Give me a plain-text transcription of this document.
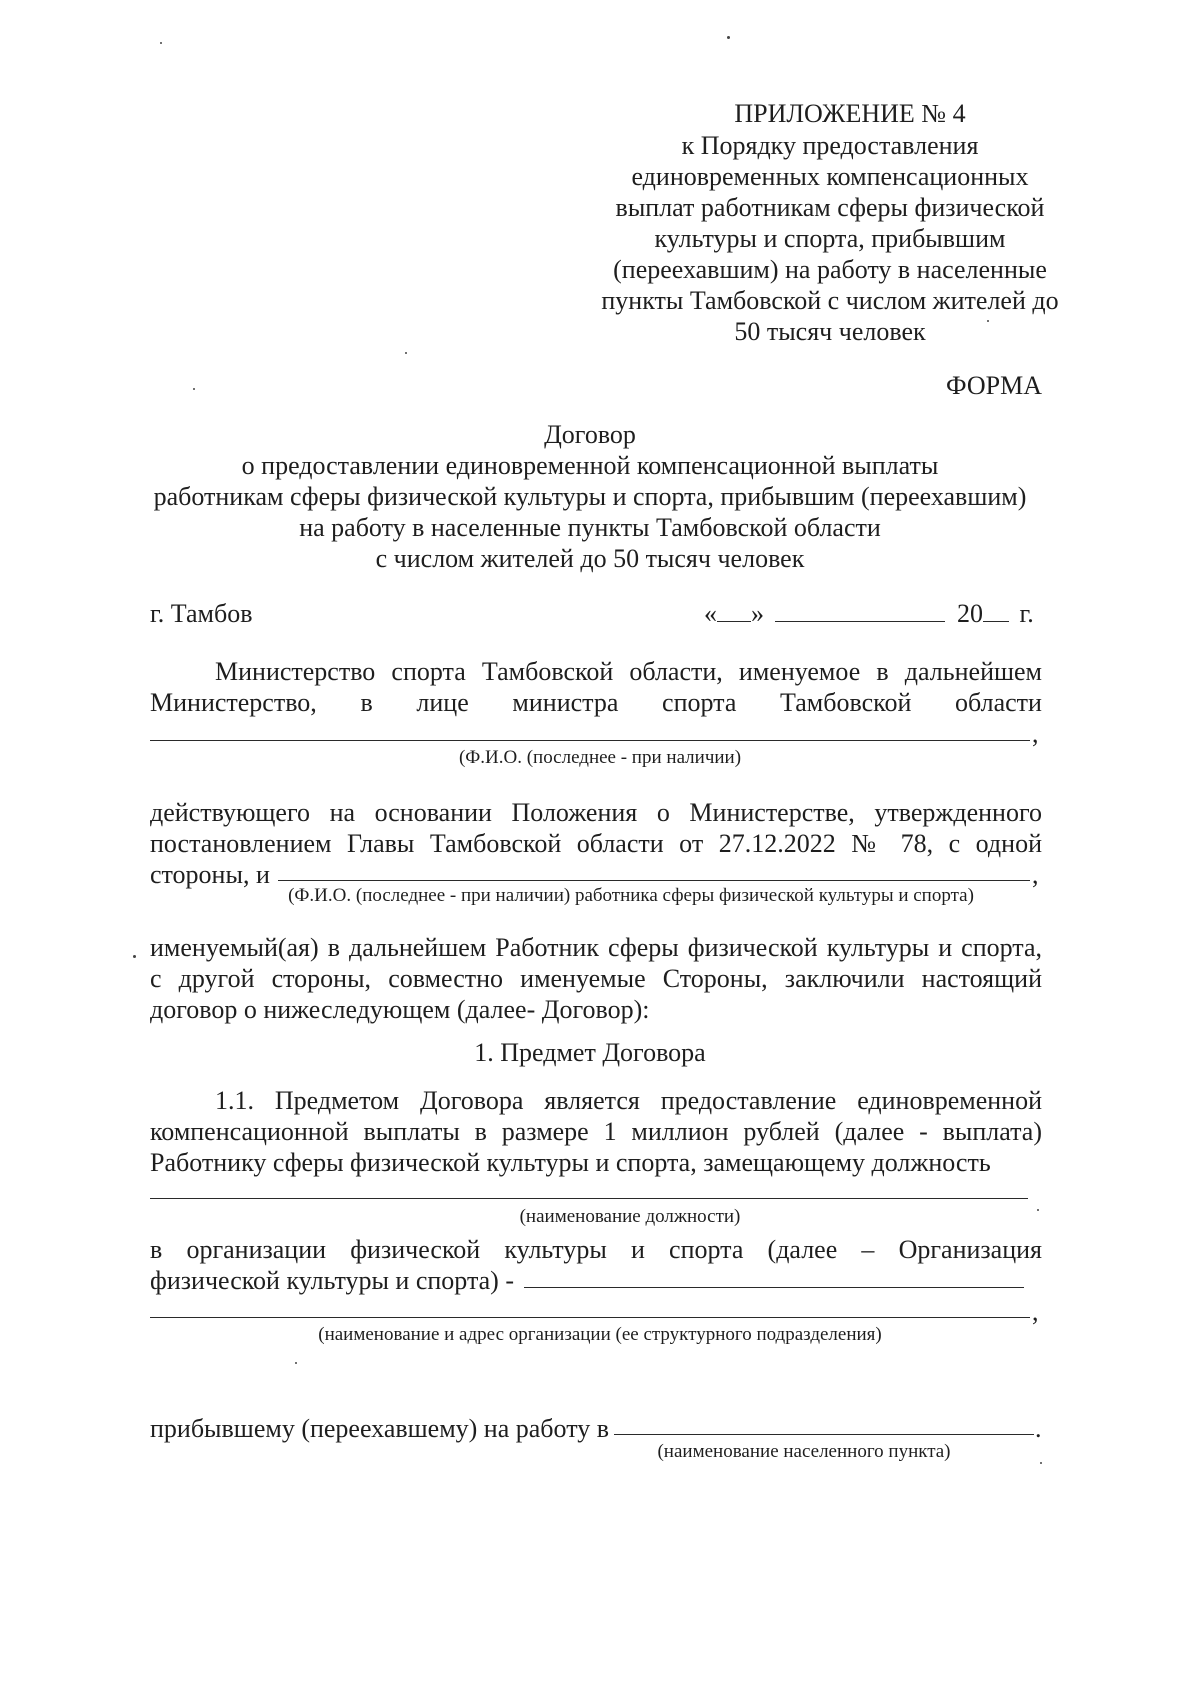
ПРИЛОЖЕНИЕ № 4
к Порядку предоставления
единовременных компенсационных
выплат работникам сферы физической
культуры и спорта, прибывшим
(переехавшим) на работу в населенные
пункты Тамбовской с числом жителей до
50 тысяч человек
ФОРМА
Договор
о предоставлении единовременной компенсационной выплаты
работникам сферы физической культуры и спорта, прибывшим (переехавшим)
на работу в населенные пункты Тамбовской области
с числом жителей до 50 тысяч человек
г. Тамбов	« »	20 г.
Министерство спорта Тамбовской области, именуемое в дальнейшем
Министерство, в лице министра спорта Тамбовской области
,
(Ф.И.О. (последнее - при наличии)
действующего на основании Положения о Министерстве, утвержденного
постановлением Главы Тамбовской области от 27.12.2022 № 78, с одной
стороны, и	,
(Ф.И.О. (последнее - при наличии) работника сферы физической культуры и спорта)
именуемый(ая) в дальнейшем Работник сферы физической культуры и спорта,
с другой стороны, совместно именуемые Стороны, заключили настоящий
договор о нижеследующем (далее- Договор):
1. Предмет Договора
1.1. Предметом Договора является предоставление единовременной
компенсационной выплаты в размере 1 миллион рублей (далее - выплата)
Работнику сферы физической культуры и спорта, замещающему должность
(наименование должности)
в организации физической культуры и спорта (далее – Организация
физической культуры и спорта) -
,
(наименование и адрес организации (ее структурного подразделения)
прибывшему (переехавшему) на работу в	.
(наименование населенного пункта)
